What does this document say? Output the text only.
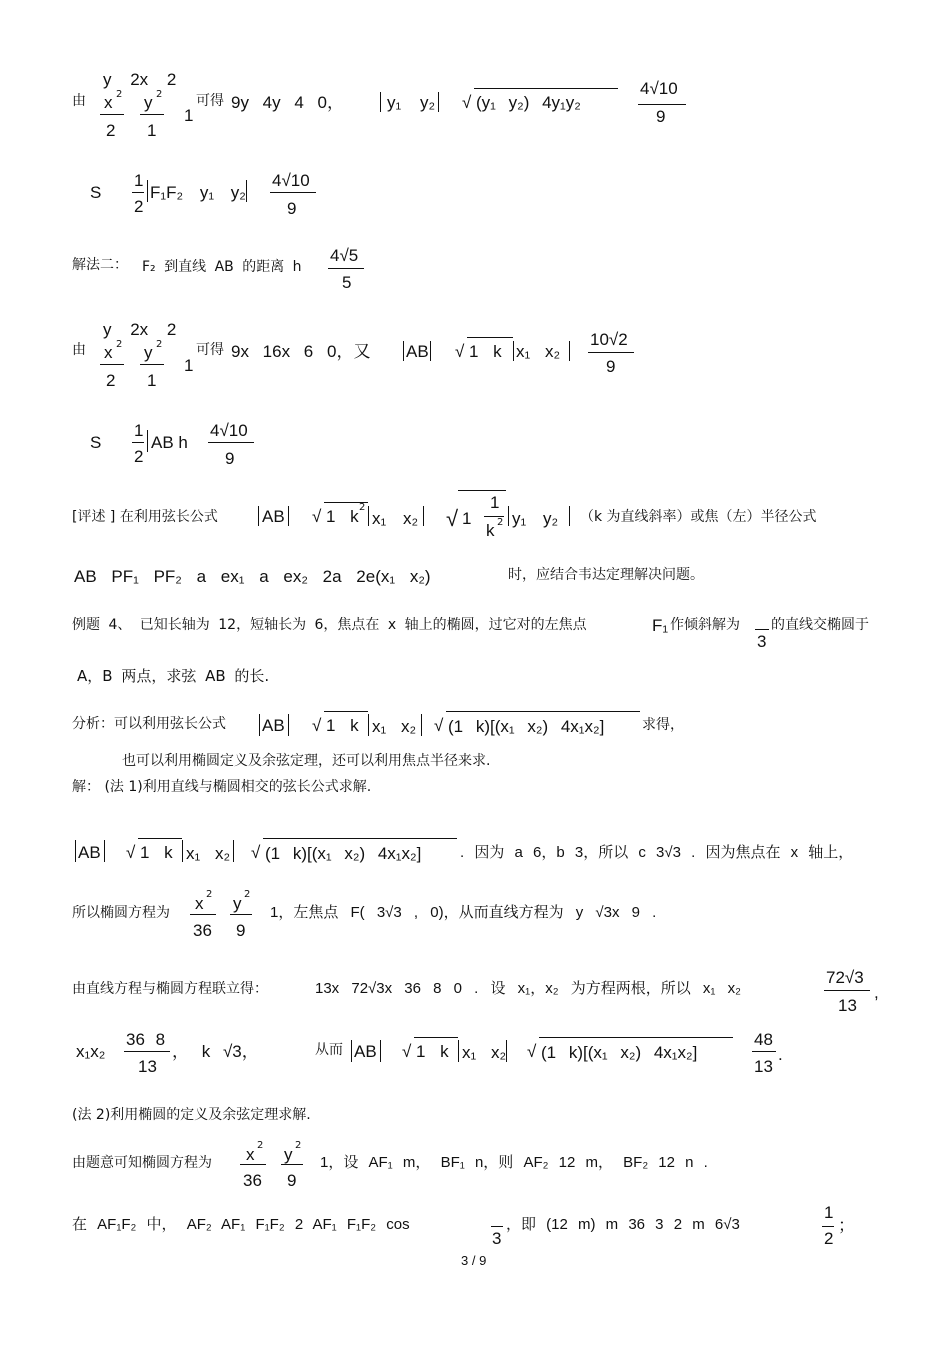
由
y 2x 2
x 2
2
y 2
1
1
可得 9y 4y 4 0，	y₁ y₂ √ (y₁ y₂) 4y₁y₂
4√10
9
S
1
2
F₁F₂ y₁ y₂
4√10
9
解法二： F₂ 到直线 AB 的距离 h
4√5
5
由
y 2x 2
x 2
2
y 2
1
1
可得 9x 16x 6 0，又 AB √ 1 k x₁ x₂
10√2
9
S
1
2
AB h
4√10
9
[评述 ] 在利用弦长公式	AB √ 1 k 2
x₁ x₂ √ 1
1
k 2 y₁ y₂ （k 为直线斜率）或焦（左）半径公式
AB PF₁ PF₂ a ex₁ a ex₂ 2a 2e(x₁ x₂)	时，应结合韦达定理解决问题。
例题 4、 已知长轴为 12，短轴长为 6，焦点在 x 轴上的椭圆，过它对的左焦点	F₁ 作倾斜解为
3
的直线交椭圆于
A，B 两点，求弦 AB 的长.
分析：可以利用弦长公式 AB √ 1 k x₁ x₂ √ (1 k)[(x₁ x₂) 4x₁x₂]	求得，
也可以利用椭圆定义及余弦定理，还可以利用焦点半径来求.
解： (法 1)利用直线与椭圆相交的弦长公式求解.
AB √ 1 k x₁ x₂ √ (1 k)[(x₁ x₂) 4x₁x₂]	. 因为 a 6，b 3，所以 c 3√3 . 因为焦点在 x 轴上，
所以椭圆方程为 x 2
36
y 2
9
1，左焦点 F( 3√3 , 0)，从而直线方程为 y √3x 9 .
由直线方程与椭圆方程联立得：	13x 72√3x 36 8 0 . 设 x₁，x₂ 为方程两根，所以 x₁ x₂
72√3
13
,
x₁x₂
36 8
13
， k √3，	从而 AB √ 1 k x₁ x₂ √ (1 k)[(x₁ x₂) 4x₁x₂]
48
13
.
(法 2)利用椭圆的定义及余弦定理求解.
由题意可知椭圆方程为 x 2
36
y 2
9
1，设 AF₁ m， BF₁ n，则 AF₂ 12 m， BF₂ 12 n .
在 AF₁F₂ 中， AF₂ AF₁ F₁F₂ 2 AF₁ F₁F₂ cos
3
，即 (12 m) m 36 3 2 m 6√3
1
2
；
3 / 9
